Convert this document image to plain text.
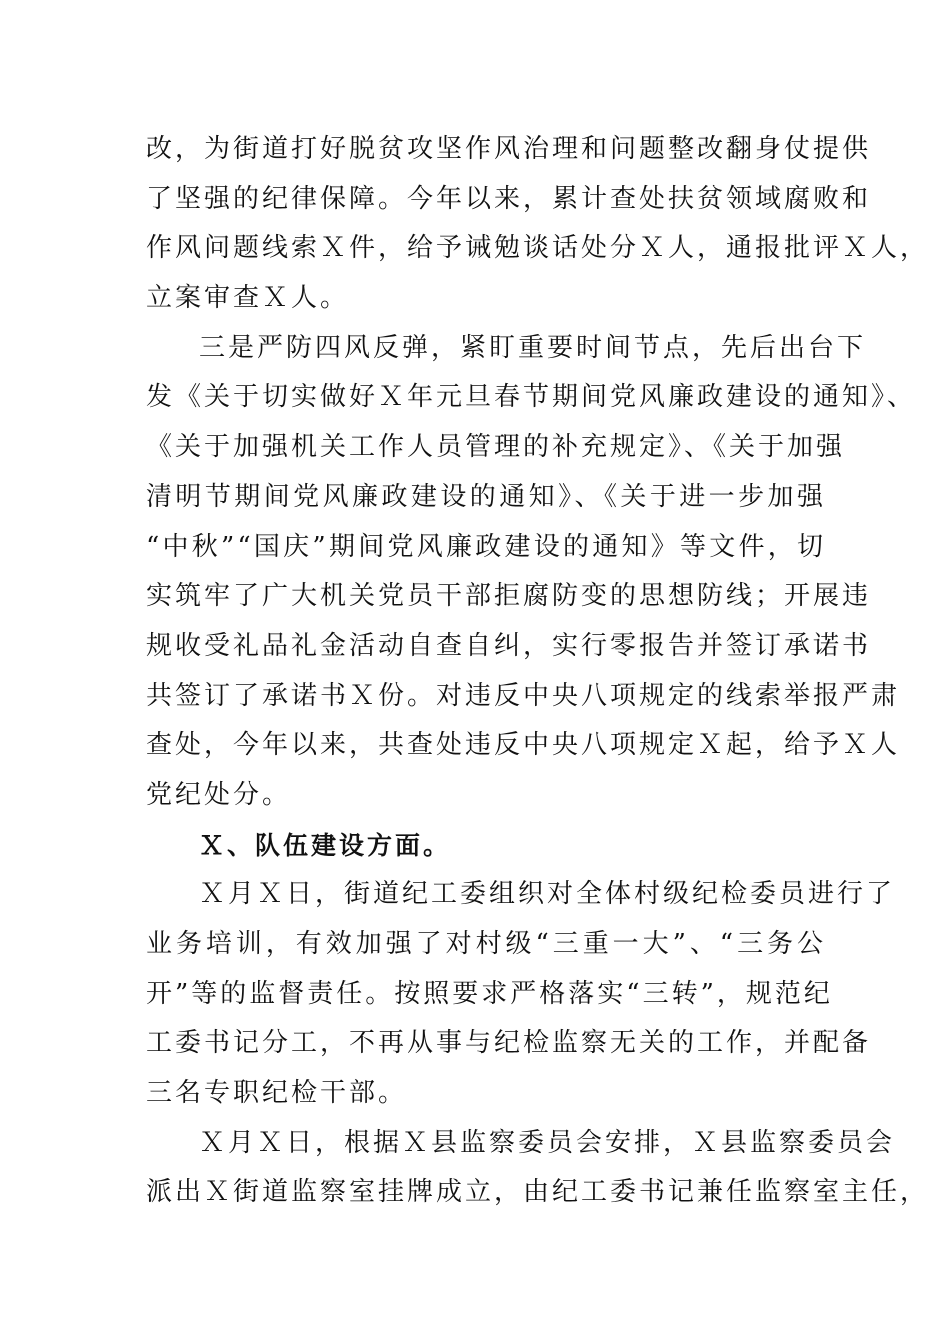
改，为街道打好脱贫攻坚作风治理和问题整改翻身仗提供
了坚强的纪律保障。今年以来，累计查处扶贫领域腐败和
作风问题线索Ｘ件，给予诫勉谈话处分Ｘ人，通报批评Ｘ人，
立案审查Ｘ人。
三是严防四风反弹，紧盯重要时间节点，先后出台下
发《关于切实做好Ｘ年元旦春节期间党风廉政建设的通知》、
《关于加强机关工作人员管理的补充规定》、《关于加强
清明节期间党风廉政建设的通知》、《关于进一步加强
“中秋”“国庆”期间党风廉政建设的通知》等文件，切
实筑牢了广大机关党员干部拒腐防变的思想防线；开展违
规收受礼品礼金活动自查自纠，实行零报告并签订承诺书
共签订了承诺书Ｘ份。对违反中央八项规定的线索举报严肃
查处，今年以来，共查处违反中央八项规定Ｘ起，给予Ｘ人
党纪处分。
Ｘ、队伍建设方面。
Ｘ月Ｘ日，街道纪工委组织对全体村级纪检委员进行了
业务培训，有效加强了对村级“三重一大”、“三务公
开”等的监督责任。按照要求严格落实“三转”，规范纪
工委书记分工，不再从事与纪检监察无关的工作，并配备
三名专职纪检干部。
Ｘ月Ｘ日，根据Ｘ县监察委员会安排，Ｘ县监察委员会
派出Ｘ街道监察室挂牌成立，由纪工委书记兼任监察室主任，
